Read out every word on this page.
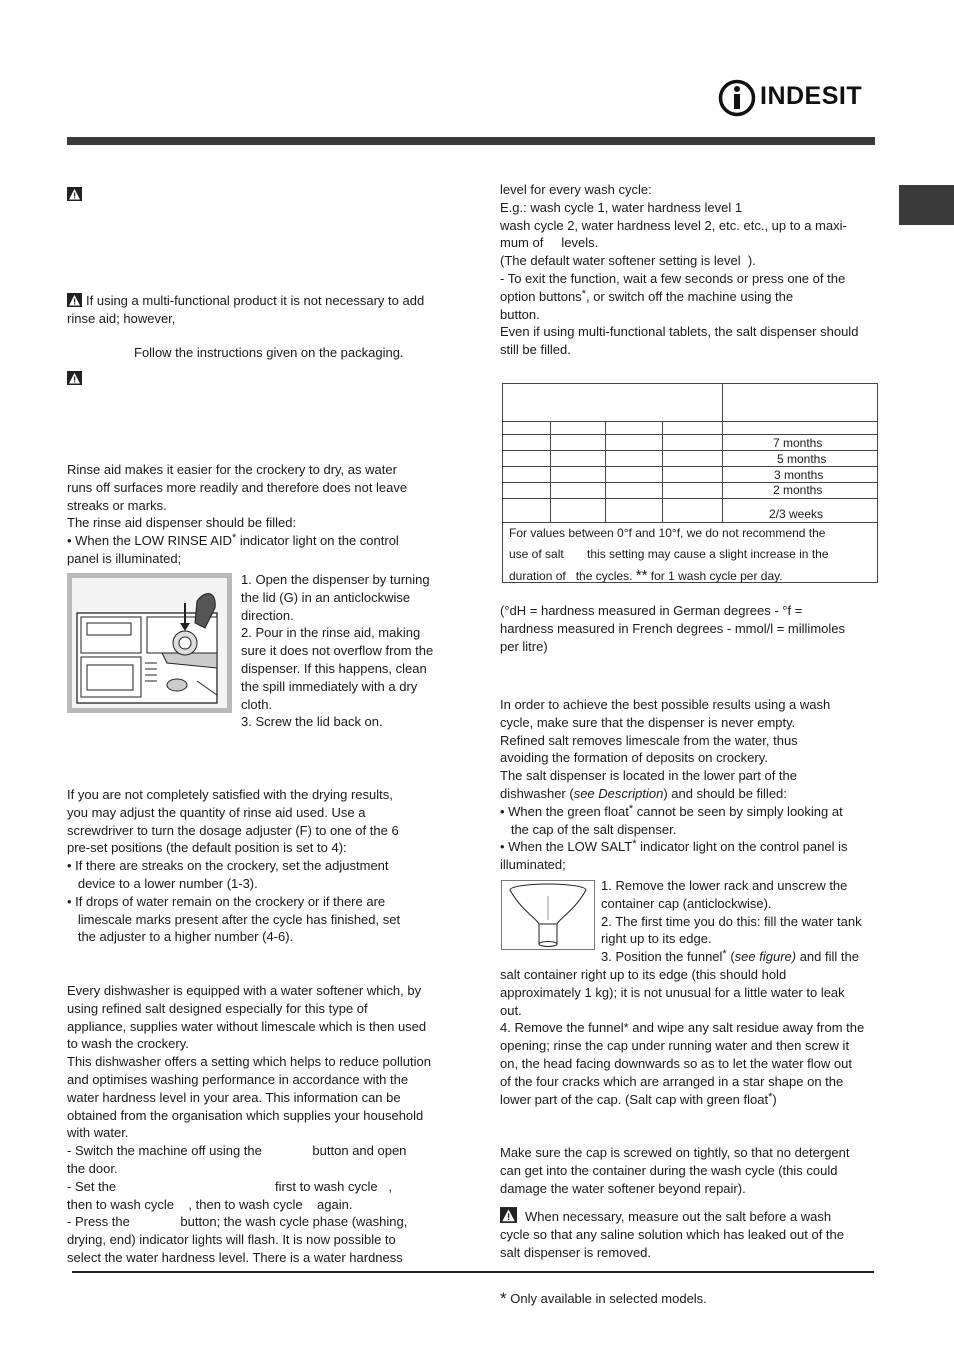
INDESIT
If using a multi-functional product it is not necessary to add
rinse aid; however,
Follow the instructions given on the packaging.
Rinse aid makes it easier for the crockery to dry, as water
runs off surfaces more readily and therefore does not leave
streaks or marks.
The rinse aid dispenser should be filled:
• When the LOW RINSE AID* indicator light on the control
panel is illuminated;
1. Open the dispenser by turning
the lid (G) in an anticlockwise
direction.
2. Pour in the rinse aid, making
sure it does not overflow from the
dispenser. If this happens, clean
the spill immediately with a dry
cloth.
3. Screw the lid back on.
If you are not completely satisfied with the drying results,
you may adjust the quantity of rinse aid used. Use a
screwdriver to turn the dosage adjuster (F) to one of the 6
pre-set positions (the default position is set to 4):
• If there are streaks on the crockery, set the adjustment
device to a lower number (1-3).
• If drops of water remain on the crockery or if there are
limescale marks present after the cycle has finished, set
the adjuster to a higher number (4-6).
Every dishwasher is equipped with a water softener which, by
using refined salt designed especially for this type of
appliance, supplies water without limescale which is then used
to wash the crockery.
This dishwasher offers a setting which helps to reduce pollution
and optimises washing performance in accordance with the
water hardness level in your area. This information can be
obtained from the organisation which supplies your household
with water.
- Switch the machine off using the              button and open
the door.
- Set the                                            first to wash cycle   ,
then to wash cycle    , then to wash cycle    again.
- Press the              button; the wash cycle phase (washing,
drying, end) indicator lights will flash. It is now possible to
select the water hardness level. There is a water hardness
level for every wash cycle:
E.g.: wash cycle 1, water hardness level 1
wash cycle 2, water hardness level 2, etc. etc., up to a maxi-
mum of     levels.
(The default water softener setting is level  ).
- To exit the function, wait a few seconds or press one of the
option buttons*, or switch off the machine using the
button.
Even if using multi-functional tablets, the salt dispenser should
still be filled.
7 months
5 months
3 months
2 months
2/3 weeks
For values between 0°f and 10°f, we do not recommend the
use of salt       this setting may cause a slight increase in the
duration of   the cycles. ** for 1 wash cycle per day.
(°dH = hardness measured in German degrees - °f =
hardness measured in French degrees - mmol/l = millimoles
per litre)
In order to achieve the best possible results using a wash
cycle, make sure that the dispenser is never empty.
Refined salt removes limescale from the water, thus
avoiding the formation of deposits on crockery.
The salt dispenser is located in the lower part of the
dishwasher (see Description) and should be filled:
• When the green float* cannot be seen by simply looking at
the cap of the salt dispenser.
• When the LOW SALT* indicator light on the control panel is
illuminated;
1. Remove the lower rack and unscrew the
container cap (anticlockwise).
2. The first time you do this: fill the water tank
right up to its edge.
3. Position the funnel* (see figure) and fill the
salt container right up to its edge (this should hold
approximately 1 kg); it is not unusual for a little water to leak
out.
4. Remove the funnel* and wipe any salt residue away from the
opening; rinse the cap under running water and then screw it
on, the head facing downwards so as to let the water flow out
of the four cracks which are arranged in a star shape on the
lower part of the cap. (Salt cap with green float*)
Make sure the cap is screwed on tightly, so that no detergent
can get into the container during the wash cycle (this could
damage the water softener beyond repair).
When necessary, measure out the salt before a wash
cycle so that any saline solution which has leaked out of the
salt dispenser is removed.
* Only available in selected models.
